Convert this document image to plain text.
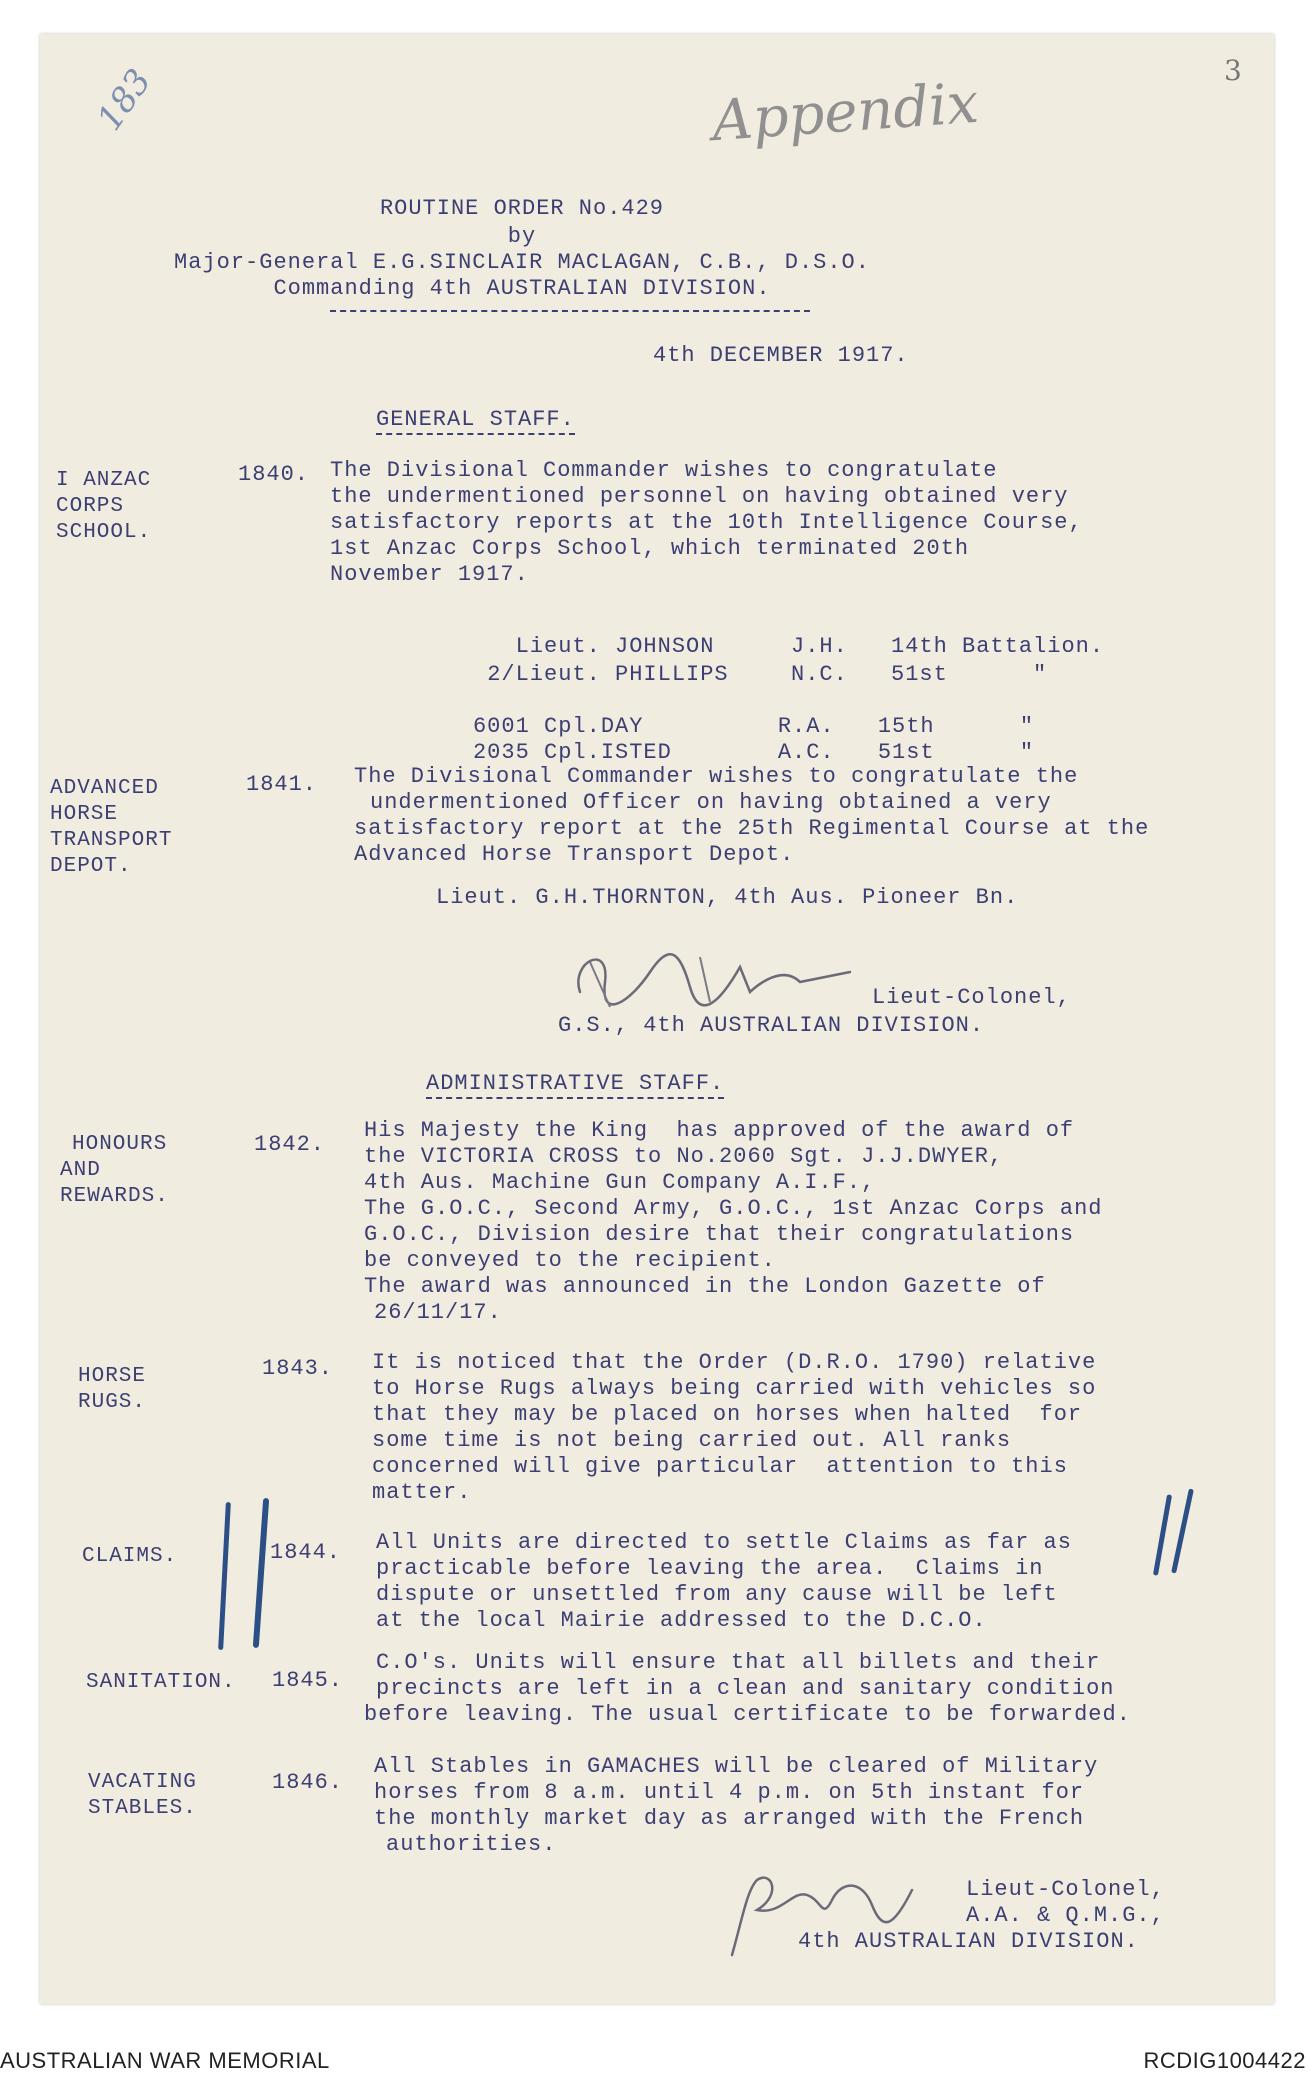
183	3
Appendix
ROUTINE ORDER No.429
by
Major-General E.G.SINCLAIR MACLAGAN, C.B., D.S.O.
Commanding 4th AUSTRALIAN DIVISION.
4th DECEMBER 1917.
GENERAL STAFF.
I ANZAC
CORPS
SCHOOL.
1840. The Divisional Commander wishes to congratulate
the undermentioned personnel on having obtained very
satisfactory reports at the 10th Intelligence Course,
1st Anzac Corps School, which terminated 20th
November 1917.

Lieut. JOHNSON	J.H. 14th Battalion.

2/Lieut. PHILLIPS	N.C. 51st      "

6001 Cpl.DAY	R.A. 15th      "

2035 Cpl.ISTED	A.C. 51st      "

ADVANCED
HORSE
TRANSPORT
DEPOT.
1841. The Divisional Commander wishes to congratulate the
undermentioned Officer on having obtained a very
satisfactory report at the 25th Regimental Course at the
Advanced Horse Transport Depot.
Lieut. G.H.THORNTON, 4th Aus. Pioneer Bn.
Lieut-Colonel,
G.S., 4th AUSTRALIAN DIVISION.
ADMINISTRATIVE STAFF.
HONOURS
AND
REWARDS.
1842.
His Majesty the King  has approved of the award of
the VICTORIA CROSS to No.2060 Sgt. J.J.DWYER,
4th Aus. Machine Gun Company A.I.F.,
The G.O.C., Second Army, G.O.C., 1st Anzac Corps and
G.O.C., Division desire that their congratulations
be conveyed to the recipient.
The award was announced in the London Gazette of
26/11/17.
HORSE
RUGS.
1843. It is noticed that the Order (D.R.O. 1790) relative
to Horse Rugs always being carried with vehicles so
that they may be placed on horses when halted  for
some time is not being carried out. All ranks
concerned will give particular  attention to this
matter.
CLAIMS.	1844. All Units are directed to settle Claims as far as
practicable before leaving the area.  Claims in
dispute or unsettled from any cause will be left
at the local Mairie addressed to the D.C.O.
SANITATION.	1845.
C.O's. Units will ensure that all billets and their
precincts are left in a clean and sanitary condition
before leaving. The usual certificate to be forwarded.
VACATING
STABLES.
1846.
All Stables in GAMACHES will be cleared of Military
horses from 8 a.m. until 4 p.m. on 5th instant for
the monthly market day as arranged with the French
authorities.
Lieut-Colonel,
A.A. & Q.M.G.,
4th AUSTRALIAN DIVISION.
AUSTRALIAN WAR MEMORIAL	RCDIG1004422
